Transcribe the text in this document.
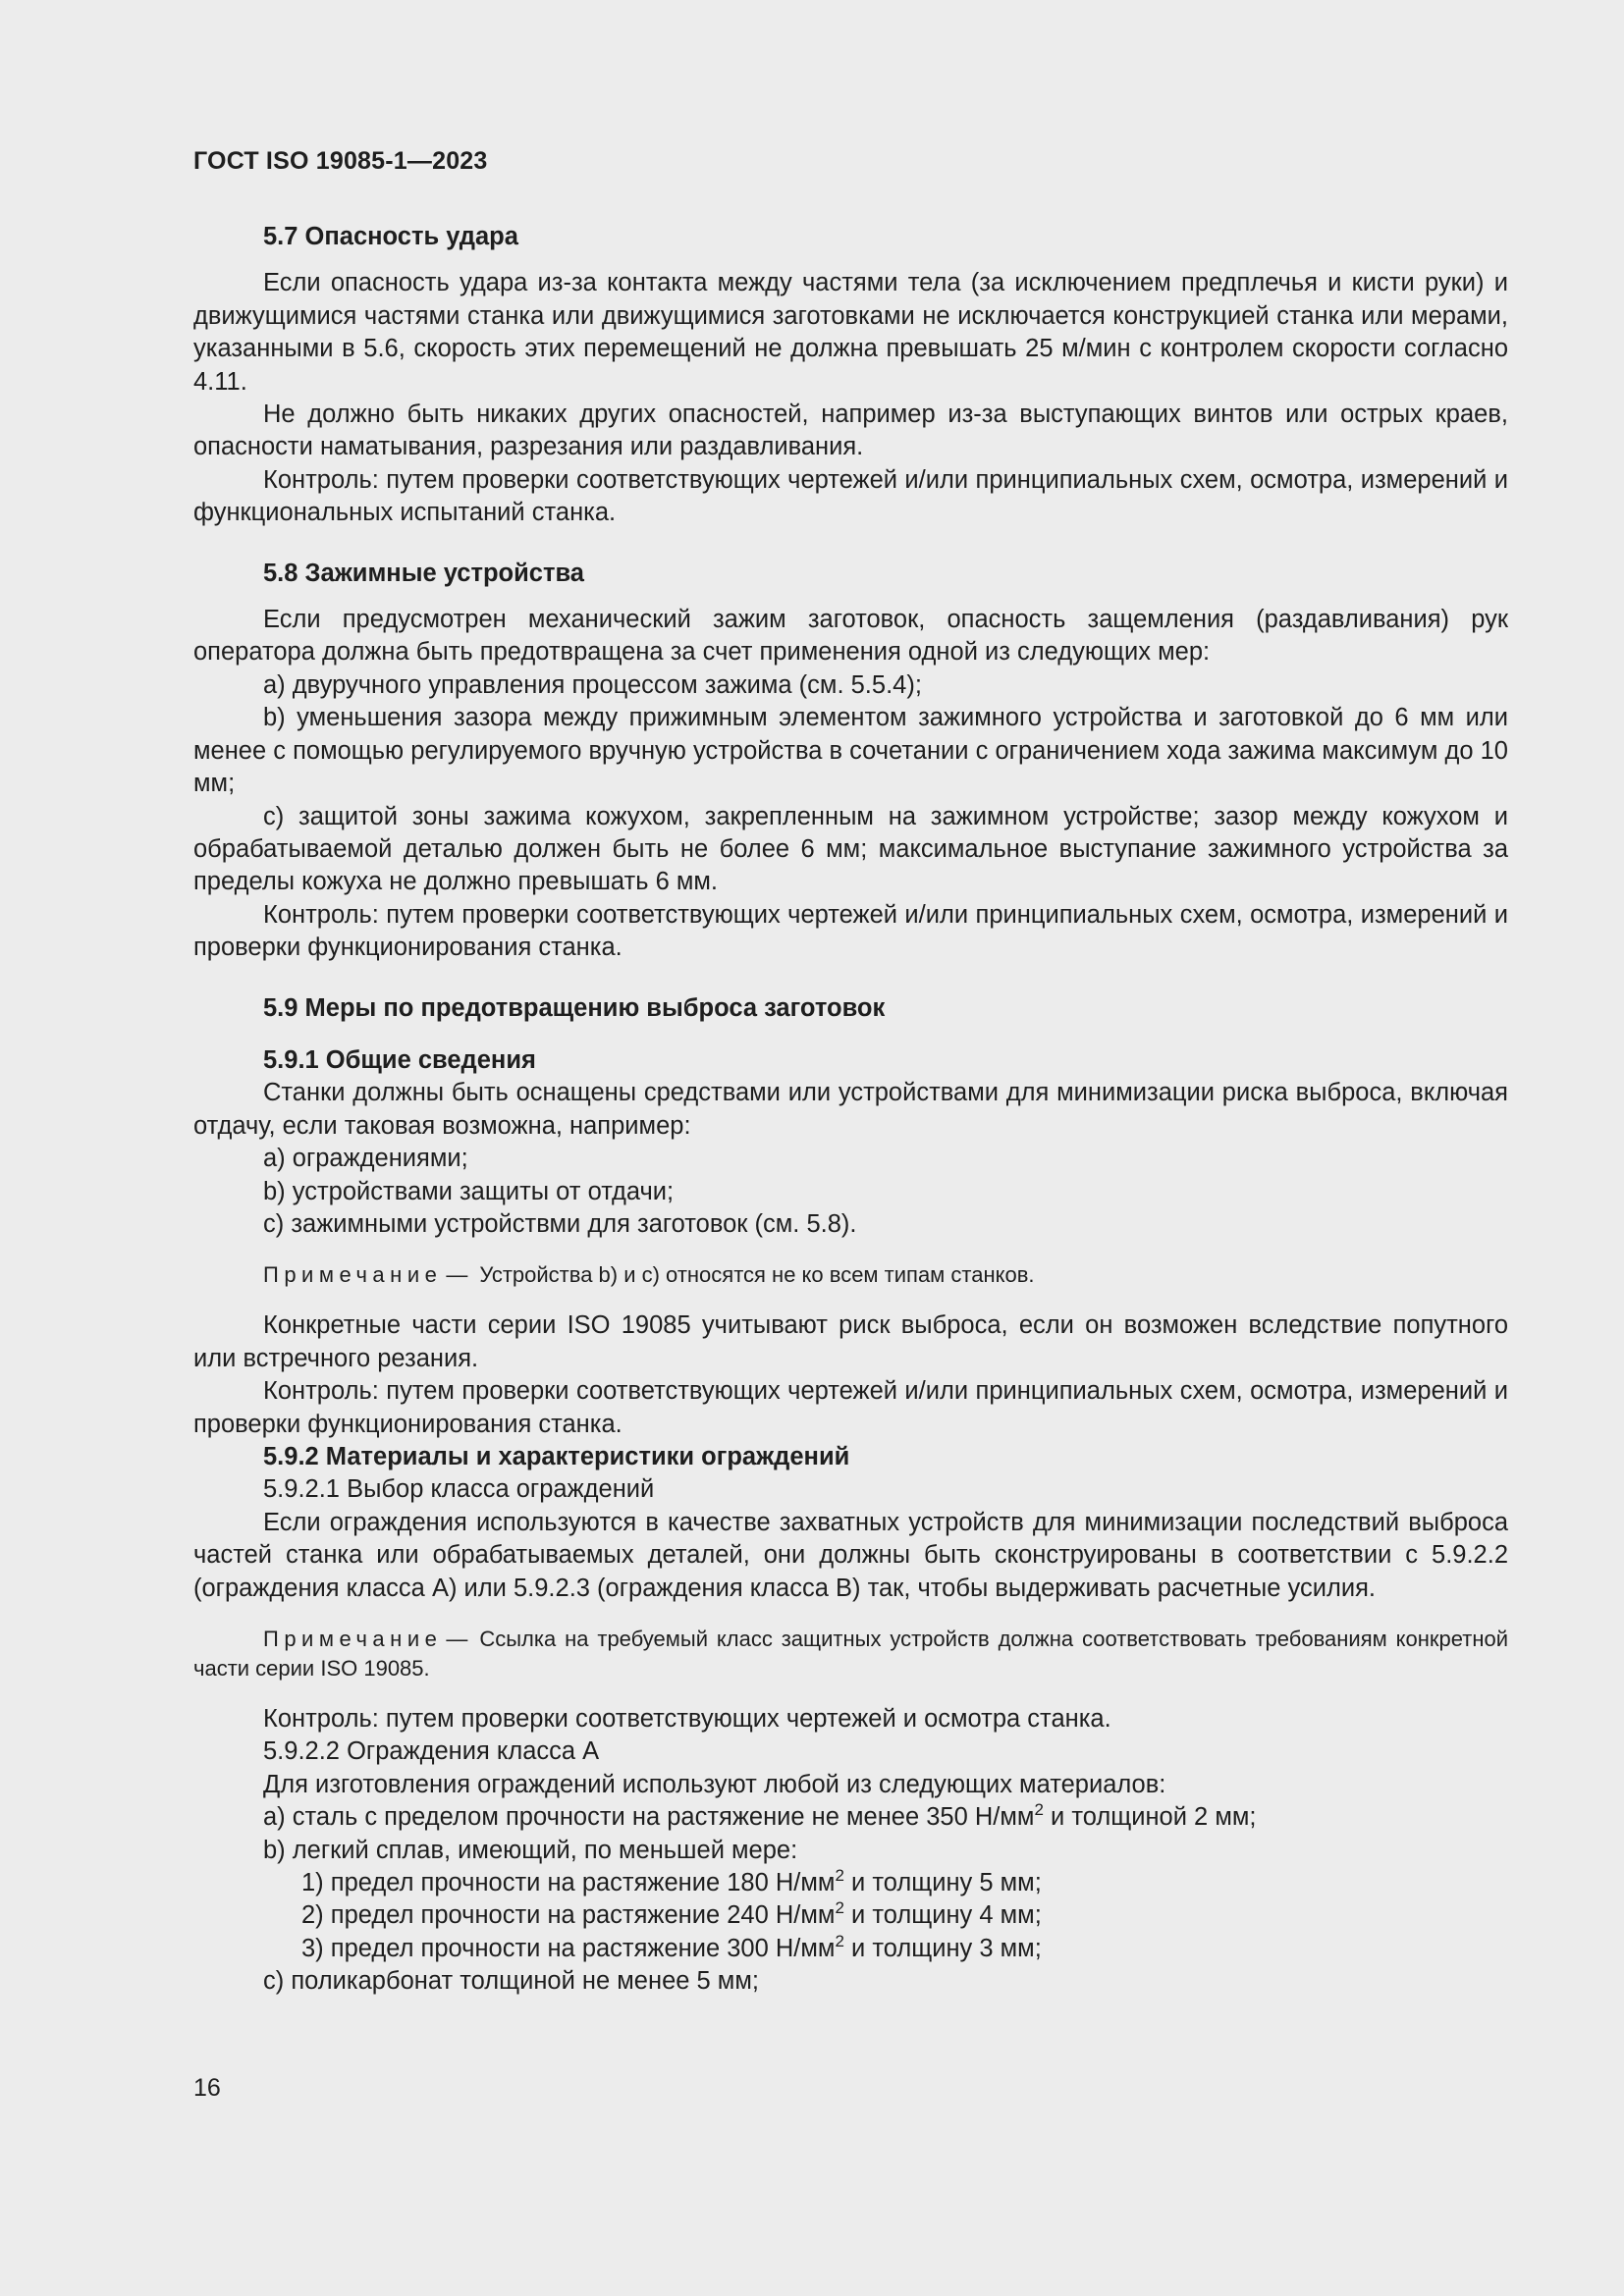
ГОСТ ISO 19085-1—2023
5.7 Опасность удара

Если опасность удара из-за контакта между частями тела (за исключением предплечья и кисти руки) и движущимися частями станка или движущимися заготовками не исключается конструкцией станка или мерами, указанными в 5.6, скорость этих перемещений не должна превышать 25 м/мин с контролем скорости согласно 4.11.

Не должно быть никаких других опасностей, например из-за выступающих винтов или острых краев, опасности наматывания, разрезания или раздавливания.

Контроль: путем проверки соответствующих чертежей и/или принципиальных схем, осмотра, измерений и функциональных испытаний станка.

5.8 Зажимные устройства

Если предусмотрен механический зажим заготовок, опасность защемления (раздавливания) рук оператора должна быть предотвращена за счет применения одной из следующих мер:

a) двуручного управления процессом зажима (см. 5.5.4);

b) уменьшения зазора между прижимным элементом зажимного устройства и заготовкой до 6 мм или менее с помощью регулируемого вручную устройства в сочетании с ограничением хода зажима максимум до 10 мм;

c) защитой зоны зажима кожухом, закрепленным на зажимном устройстве; зазор между кожухом и обрабатываемой деталью должен быть не более 6 мм; максимальное выступание зажимного устройства за пределы кожуха не должно превышать 6 мм.

Контроль: путем проверки соответствующих чертежей и/или принципиальных схем, осмотра, измерений и проверки функционирования станка.

5.9 Меры по предотвращению выброса заготовок
5.9.1 Общие сведения

Станки должны быть оснащены средствами или устройствами для минимизации риска выброса, включая отдачу, если таковая возможна, например:

a) ограждениями;

b) устройствами защиты от отдачи;

c) зажимными устройствми для заготовок (см. 5.8).

Примечание — Устройства b) и c) относятся не ко всем типам станков.

Конкретные части серии ISO 19085 учитывают риск выброса, если он возможен вследствие попутного или встречного резания.

Контроль: путем проверки соответствующих чертежей и/или принципиальных схем, осмотра, измерений и проверки функционирования станка.

5.9.2 Материалы и характеристики ограждений
5.9.2.1 Выбор класса ограждений

Если ограждения используются в качестве захватных устройств для минимизации последствий выброса частей станка или обрабатываемых деталей, они должны быть сконструированы в соответствии с 5.9.2.2 (ограждения класса A) или 5.9.2.3 (ограждения класса B) так, чтобы выдерживать расчетные усилия.

Примечание — Ссылка на требуемый класс защитных устройств должна соответствовать требованиям конкретной части серии ISO 19085.

Контроль: путем проверки соответствующих чертежей и осмотра станка.

5.9.2.2 Ограждения класса A

Для изготовления ограждений используют любой из следующих материалов:

a) сталь с пределом прочности на растяжение не менее 350 $Н/мм^2$ и толщиной 2 мм;

b) легкий сплав, имеющий, по меньшей мере:

1) предел прочности на растяжение 180 $Н/мм^2$ и толщину 5 мм;

2) предел прочности на растяжение 240 $Н/мм^2$ и толщину 4 мм;

3) предел прочности на растяжение 300 $Н/мм^2$ и толщину 3 мм;

c) поликарбонат толщиной не менее 5 мм;

16
